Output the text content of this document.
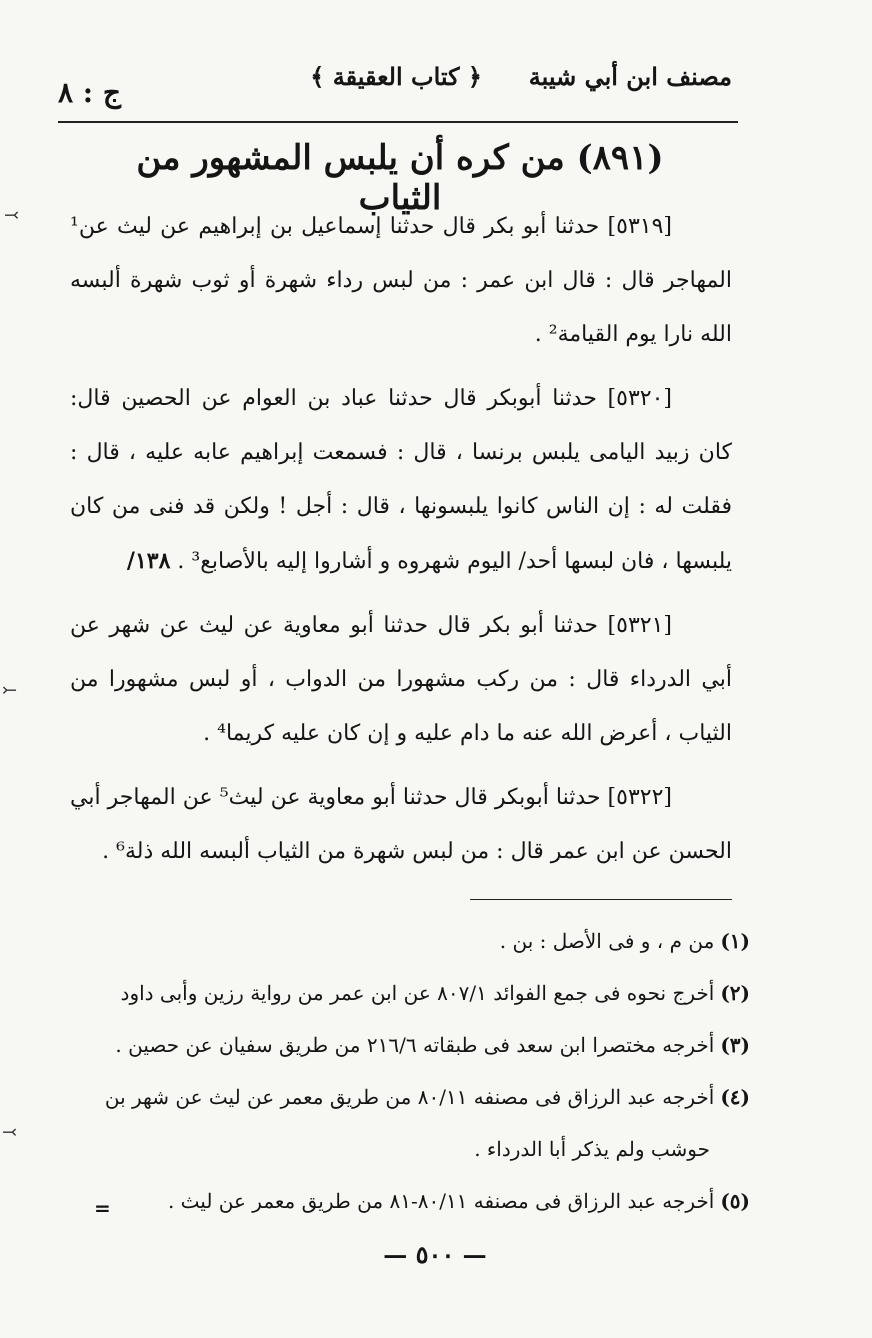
مصنف ابن أبي شيبة
﴿ كتاب العقيقة ﴾
ج : ٨
(٨٩١) من كره أن يلبس المشهور من الثياب

[٥٣١٩] حدثنا أبو بكر قال حدثنا إسماعيل بن إبراهيم عن ليث عن¹ المهاجر قال : قال ابن عمر : من لبس رداء شهرة أو ثوب شهرة ألبسه الله نارا يوم القيامة² .

[٥٣٢٠] حدثنا أبوبكر قال حدثنا عباد بن العوام عن الحصين قال: كان زبيد اليامى يلبس برنسا ، قال : فسمعت إبراهيم عابه عليه ، قال : فقلت له : إن الناس كانوا يلبسونها ، قال : أجل ! ولكن قد فنى من كان يلبسها ، فان لبسها أحد/ اليوم شهروه و أشاروا إليه بالأصابع³ . ١٣٨/

[٥٣٢١] حدثنا أبو بكر قال حدثنا أبو معاوية عن ليث عن شهر عن أبي الدرداء قال : من ركب مشهورا من الدواب ، أو لبس مشهورا من الثياب ، أعرض الله عنه ما دام عليه و إن كان عليه كريما⁴ .

[٥٣٢٢] حدثنا أبوبكر قال حدثنا أبو معاوية عن ليث⁵ عن المهاجر أبي الحسن عن ابن عمر قال : من لبس شهرة من الثياب ألبسه الله ذلة⁶ .

(١)من م ، و فى الأصل : بن .
(٢)أخرج نحوه فى جمع الفوائد ٨٠٧/١ عن ابن عمر من رواية رزين وأبى داود
(٣)أخرجه مختصرا ابن سعد فى طبقاته ٢١٦/٦ من طريق سفيان عن حصين .
(٤)أخرجه عبد الرزاق فى مصنفه ٨٠/١١ من طريق معمر عن ليث عن شهر بن
حوشب ولم يذكر أبا الدرداء .
(٥)أخرجه عبد الرزاق فى مصنفه ٨٠/١١-٨١ من طريق معمر عن ليث .
=
— ٥٠٠ —
⤙
⤚
⤙
